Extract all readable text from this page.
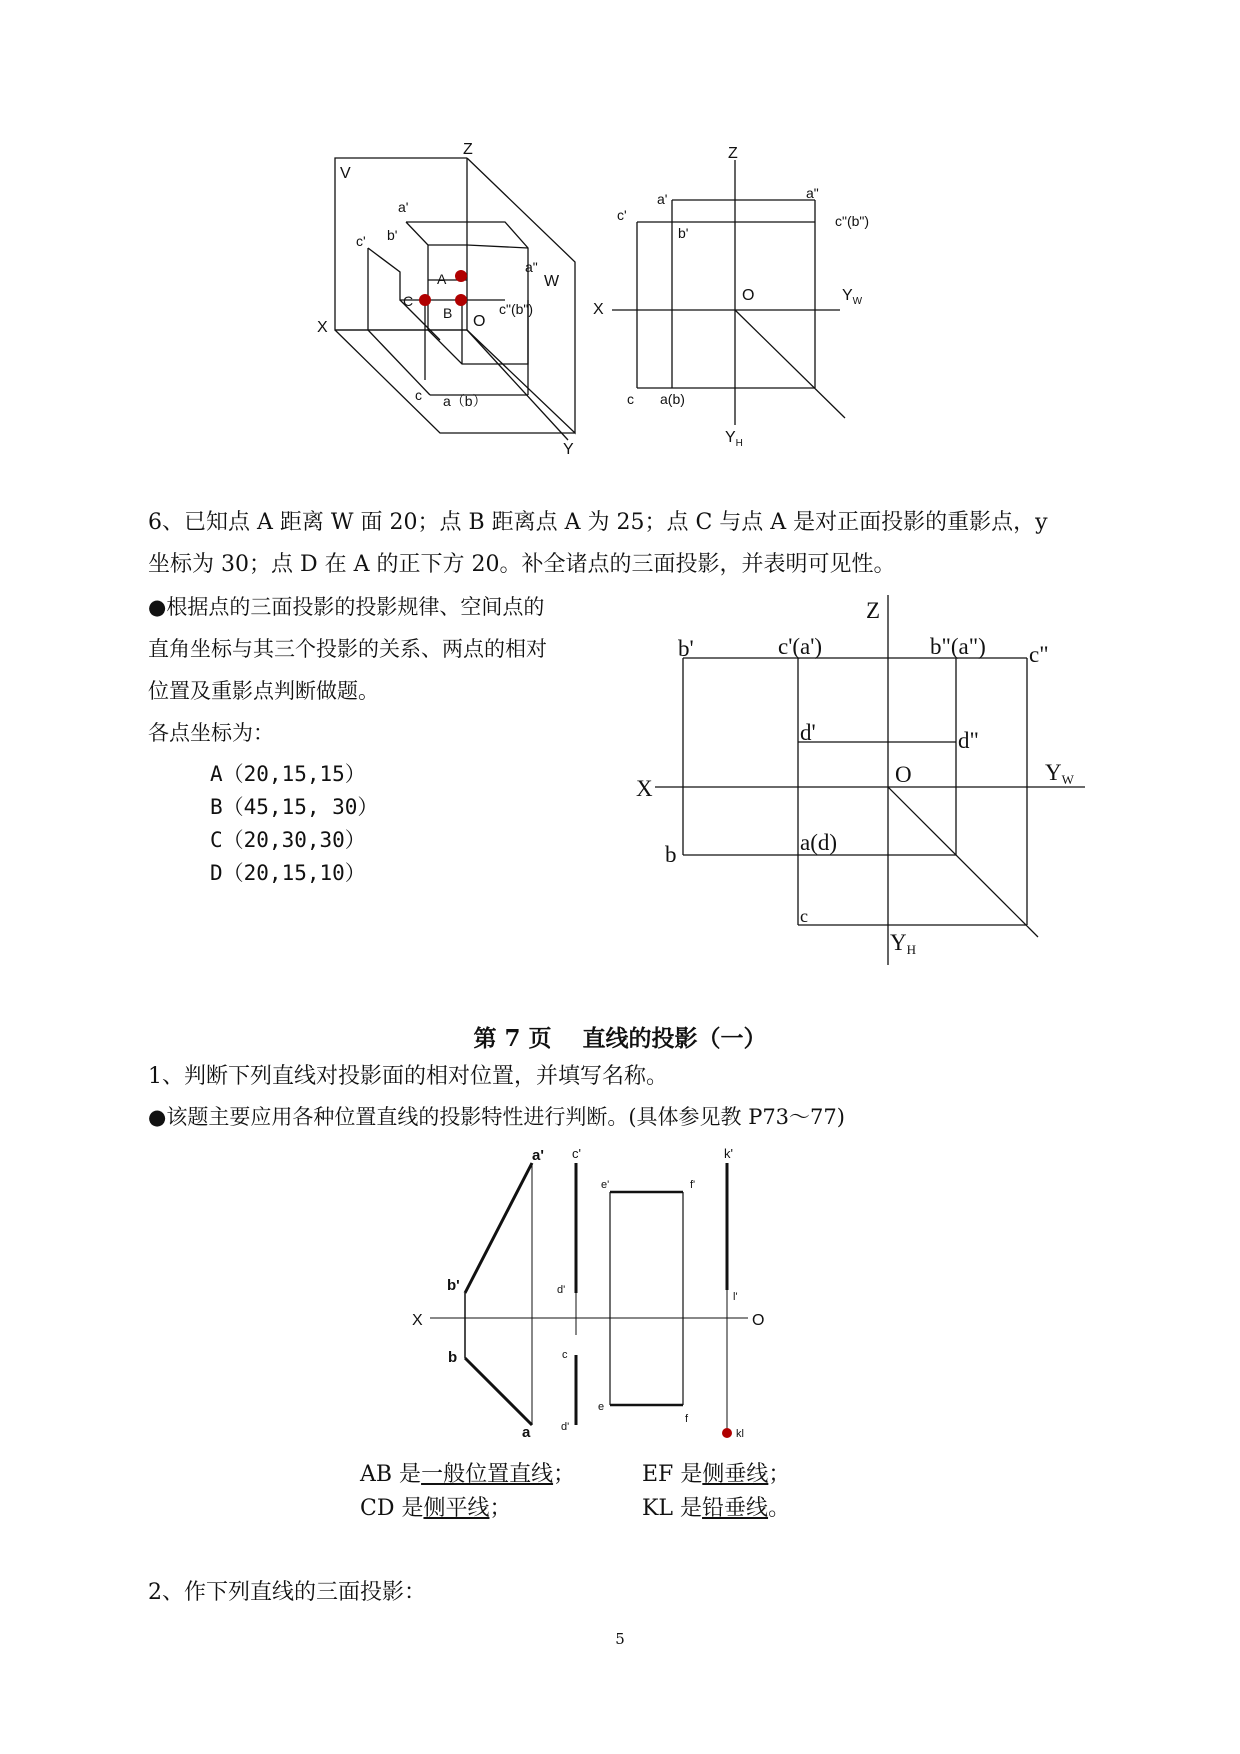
Z
V
a'
b'
c'
a"
W
c"(b")
A
C
B O
X
c a（b）
Y
Z
a'	a"
c'	c"(b")
b'
X
O	$Y_W$
c a(b)
$Y_H$
6、已知点 A 距离 W 面 20；点 B 距离点 A 为 25；点 C 与点 A 是对正面投影的重影点，y
坐标为 30；点 D 在 A 的正下方 20。补全诸点的三面投影，并表明可见性。
●根据点的三面投影的投影规律、空间点的
直角坐标与其三个投影的关系、两点的相对
位置及重影点判断做题。
各点坐标为：
A（20,15,15）
B（45,15, 30）
C（20,30,30）
D（20,15,10）
Z
b'	c'(a')	b"(a") c"
d'	d"
X
O	YW
b	a(d)
c
YH
第 7 页　 直线的投影（一）
1、判断下列直线对投影面的相对位置，并填写名称。
●该题主要应用各种位置直线的投影特性进行判断。(具体参见教 P73～77)
a' c'
e'	f'
k'
b'	d'
l'
X	O
b	c
e
f
a	d'
kl
AB 是一般位置直线；	EF 是侧垂线；
CD 是侧平线；	KL 是铅垂线。
2、作下列直线的三面投影：
5
